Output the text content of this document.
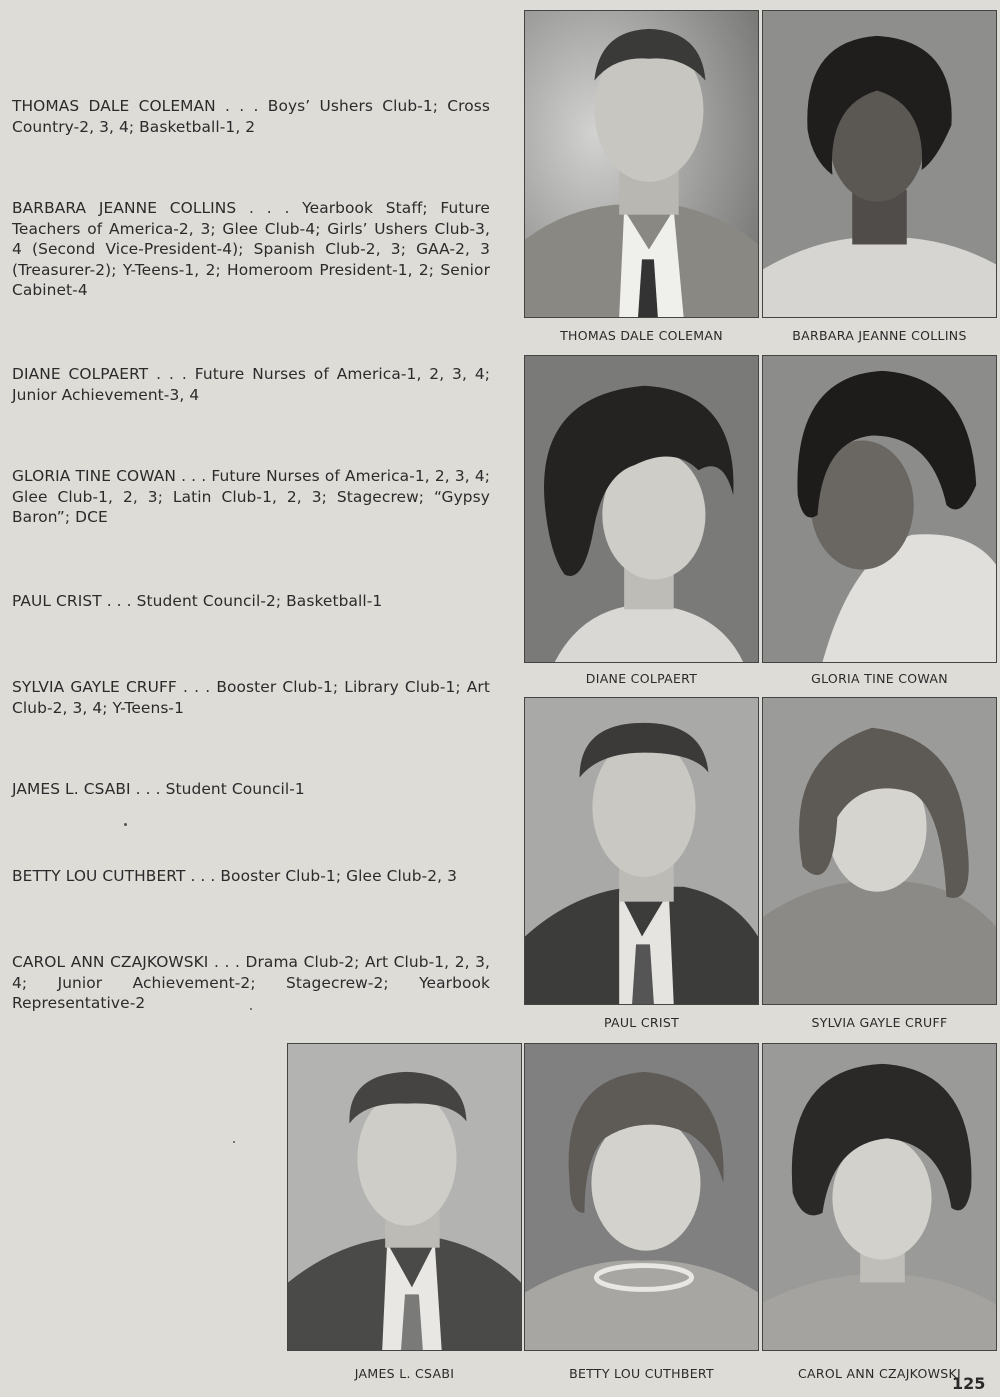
THOMAS DALE COLEMAN . . . Boys’ Ushers Club-1; Cross Country-2, 3, 4; Basketball-1, 2
BARBARA JEANNE COLLINS . . . Yearbook Staff; Future Teachers of America-2, 3; Glee Club-4; Girls’ Ushers Club-3, 4 (Second Vice-President-4); Spanish Club-2, 3; GAA-2, 3 (Treasurer-2); Y-Teens-1, 2; Homeroom President-1, 2; Senior Cabinet-4
DIANE COLPAERT . . . Future Nurses of America-1, 2, 3, 4; Junior Achievement-3, 4
GLORIA TINE COWAN . . . Future Nurses of America-1, 2, 3, 4; Glee Club-1, 2, 3; Latin Club-1, 2, 3; Stagecrew; “Gypsy Baron”; DCE
PAUL CRIST . . . Student Council-2; Basketball-1
SYLVIA GAYLE CRUFF . . . Booster Club-1; Library Club-1; Art Club-2, 3, 4; Y-Teens-1
JAMES L. CSABI . . . Student Council-1
BETTY LOU CUTHBERT . . . Booster Club-1; Glee Club-2, 3
CAROL ANN CZAJKOWSKI . . . Drama Club-2; Art Club-1, 2, 3, 4; Junior Achievement-2; Stagecrew-2; Yearbook Representative-2
THOMAS DALE COLEMAN	BARBARA JEANNE COLLINS
DIANE COLPAERT	GLORIA TINE COWAN
PAUL CRIST	SYLVIA GAYLE CRUFF
JAMES L. CSABI	BETTY LOU CUTHBERT	CAROL ANN CZAJKOWSKI
125
